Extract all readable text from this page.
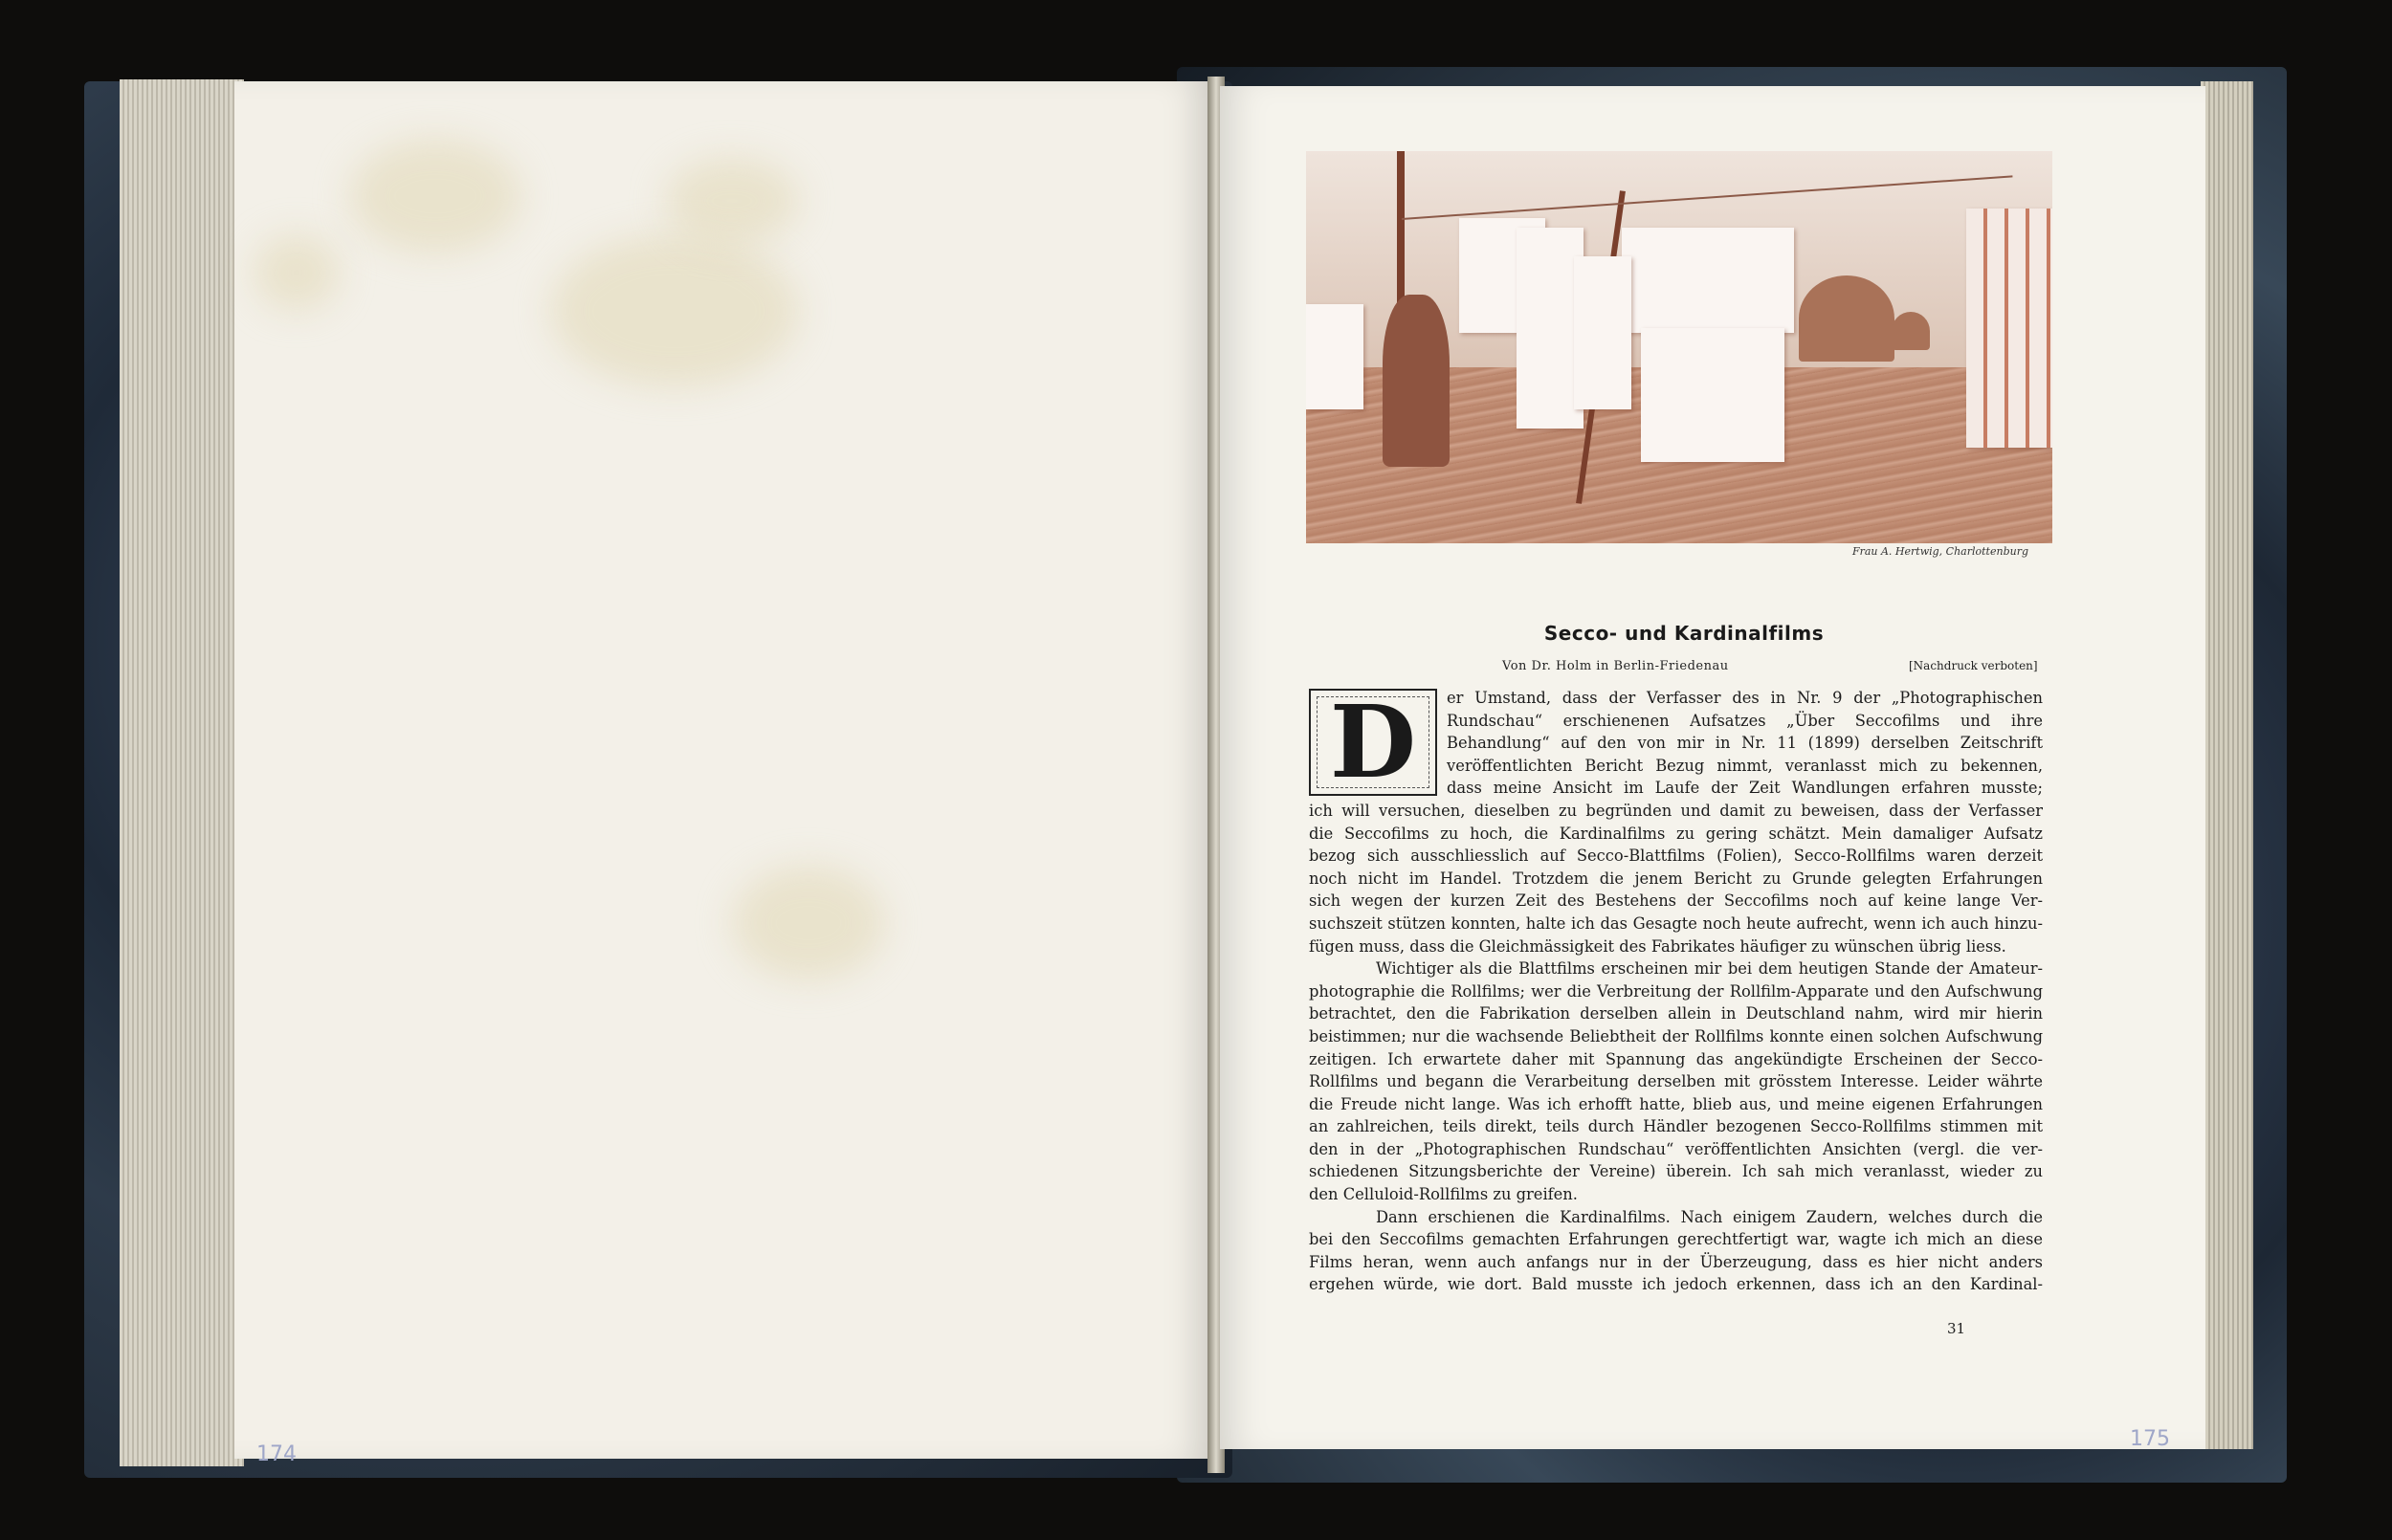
Frau A. Hertwig, Charlottenburg
Secco- und Kardinalfilms
Von Dr. Holm in Berlin-Friedenau	[Nachdruck verboten]
er Umstand, dass der Verfasser des in Nr. 9 der „Photographischen
Rundschau“ erschienenen Aufsatzes „Über Seccofilms und ihre
Behandlung“ auf den von mir in Nr. 11 (1899) derselben Zeitschrift
veröffentlichten Bericht Bezug nimmt, veranlasst mich zu bekennen,
dass meine Ansicht im Laufe der Zeit Wandlungen erfahren musste;
ich will versuchen, dieselben zu begründen und damit zu beweisen, dass der Verfasser
die Seccofilms zu hoch, die Kardinalfilms zu gering schätzt. Mein damaliger Aufsatz
bezog sich ausschliesslich auf Secco-Blattfilms (Folien), Secco-Rollfilms waren derzeit
noch nicht im Handel. Trotzdem die jenem Bericht zu Grunde gelegten Erfahrungen
sich wegen der kurzen Zeit des Bestehens der Seccofilms noch auf keine lange Ver-
suchszeit stützen konnten, halte ich das Gesagte noch heute aufrecht, wenn ich auch hinzu-
fügen muss, dass die Gleichmässigkeit des Fabrikates häufiger zu wünschen übrig liess.
Wichtiger als die Blattfilms erscheinen mir bei dem heutigen Stande der Amateur-
photographie die Rollfilms; wer die Verbreitung der Rollfilm-Apparate und den Aufschwung
betrachtet, den die Fabrikation derselben allein in Deutschland nahm, wird mir hierin
beistimmen; nur die wachsende Beliebtheit der Rollfilms konnte einen solchen Aufschwung
zeitigen. Ich erwartete daher mit Spannung das angekündigte Erscheinen der Secco-
Rollfilms und begann die Verarbeitung derselben mit grösstem Interesse. Leider währte
die Freude nicht lange. Was ich erhofft hatte, blieb aus, und meine eigenen Erfahrungen
an zahlreichen, teils direkt, teils durch Händler bezogenen Secco-Rollfilms stimmen mit
den in der „Photographischen Rundschau“ veröffentlichten Ansichten (vergl. die ver-
schiedenen Sitzungsberichte der Vereine) überein. Ich sah mich veranlasst, wieder zu
den Celluloid-Rollfilms zu greifen.
Dann erschienen die Kardinalfilms. Nach einigem Zaudern, welches durch die
bei den Seccofilms gemachten Erfahrungen gerechtfertigt war, wagte ich mich an diese
Films heran, wenn auch anfangs nur in der Überzeugung, dass es hier nicht anders
ergehen würde, wie dort. Bald musste ich jedoch erkennen, dass ich an den Kardinal-
D
31
174
175
